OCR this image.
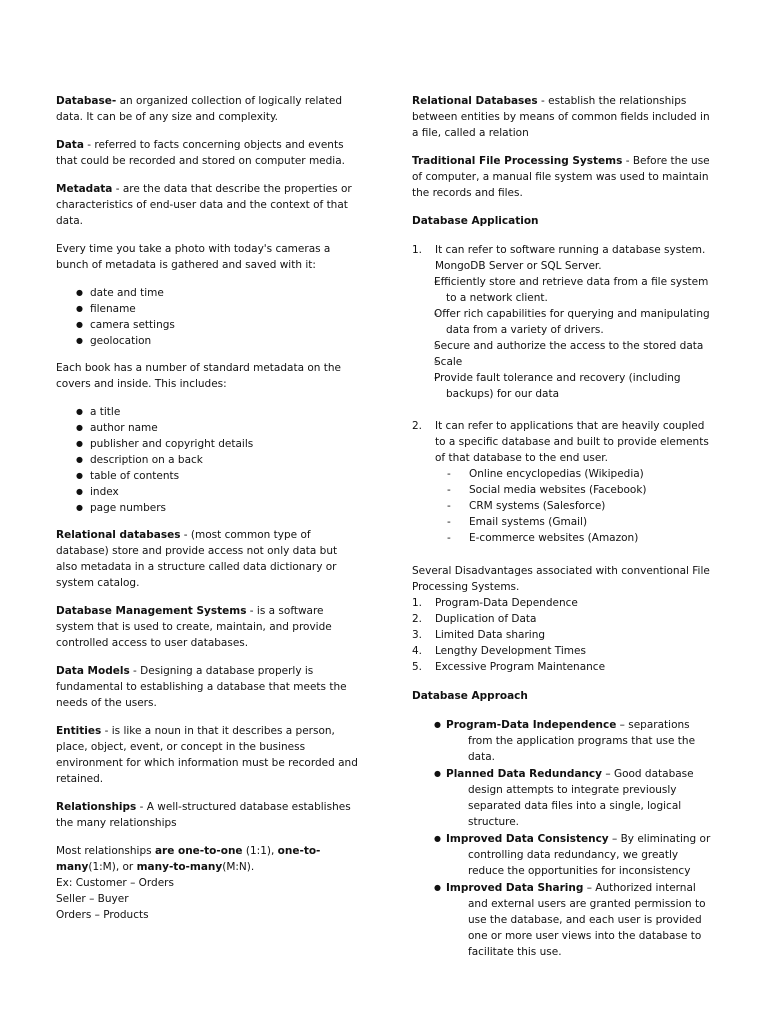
Database- an organized collection of logically related data. It can be of any size and complexity.

Data - referred to facts concerning objects and events that could be recorded and stored on computer media.

Metadata - are the data that describe the properties or characteristics of end-user data and the context of that data.

Every time you take a photo with today's cameras a bunch of metadata is gathered and saved with it:

● date and time
● filename
● camera settings
● geolocation

Each book has a number of standard metadata on the covers and inside. This includes:

● a title
● author name
● publisher and copyright details
● description on a back
● table of contents
● index
● page numbers

Relational databases - (most common type of database) store and provide access not only data but also metadata in a structure called data dictionary or system catalog.

Database Management Systems - is a software system that is used to create, maintain, and provide controlled access to user databases.

Data Models - Designing a database properly is fundamental to establishing a database that meets the needs of the users.

Entities - is like a noun in that it describes a person, place, object, event, or concept in the business environment for which information must be recorded and retained.

Relationships - A well-structured database establishes the many relationships

Most relationships are one-to-one (1:1), one-to-many(1:M), or many-to-many(M:N).
Ex: Customer – Orders
Seller – Buyer
Orders – Products

Relational Databases - establish the relationships between entities by means of common fields included in a file, called a relation

Traditional File Processing Systems - Before the use of computer, a manual file system was used to maintain the records and files.

Database Application
1. It can refer to software running a database system. MongoDB Server or SQL Server.
- Efficiently store and retrieve data from a file system to a network client.
- Offer rich capabilities for querying and manipulating data from a variety of drivers.
- Secure and authorize the access to the stored data
- Scale
- Provide fault tolerance and recovery (including backups) for our data
2. It can refer to applications that are heavily coupled to a specific database and built to provide elements of that database to the end user.
- Online encyclopedias (Wikipedia)
- Social media websites (Facebook)
- CRM systems (Salesforce)
- Email systems (Gmail)
- E-commerce websites (Amazon)
Several Disadvantages associated with conventional File Processing Systems.
1. Program-Data Dependence
2. Duplication of Data
3. Limited Data sharing
4. Lengthy Development Times
5. Excessive Program Maintenance
Database Approach
● Program-Data Independence – separations from the application programs that use the data.
● Planned Data Redundancy – Good database design attempts to integrate previously separated data files into a single, logical structure.
● Improved Data Consistency – By eliminating or controlling data redundancy, we greatly reduce the opportunities for inconsistency
● Improved Data Sharing – Authorized internal and external users are granted permission to use the database, and each user is provided one or more user views into the database to facilitate this use.
